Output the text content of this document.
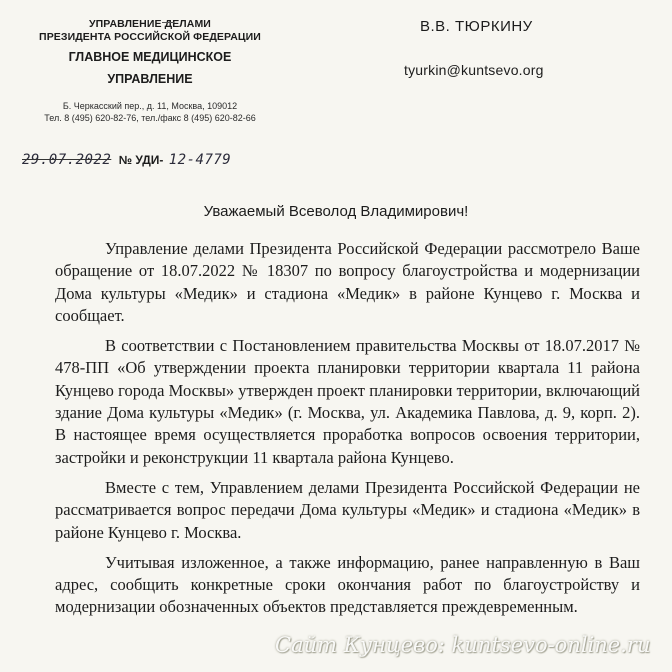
УПРАВЛЕНИЕ ДЕЛАМИ
ПРЕЗИДЕНТА РОССИЙСКОЙ ФЕДЕРАЦИИ
ГЛАВНОЕ МЕДИЦИНСКОЕ
УПРАВЛЕНИЕ
Б. Черкасский пер., д. 11, Москва, 109012
Тел. 8 (495) 620-82-76, тел./факс 8 (495) 620-82-66
29.07.2022 № УДИ- 12-4779
В.В. ТЮРКИНУ
tyurkin@kuntsevo.org
Уважаемый Всеволод Владимирович!

Управление делами Президента Российской Федерации рассмотрело Ваше обращение от 18.07.2022 № 18307 по вопросу благоустройства и модернизации Дома культуры «Медик» и стадиона «Медик» в районе Кунцево г. Москва и сообщает.

В соответствии с Постановлением правительства Москвы от 18.07.2017 № 478-ПП «Об утверждении проекта планировки территории квартала 11 района Кунцево города Москвы» утвержден проект планировки территории, включающий здание Дома культуры «Медик» (г. Москва, ул. Академика Павлова, д. 9, корп. 2). В настоящее время осуществляется проработка вопросов освоения территории, застройки и реконструкции 11 квартала района Кунцево.

Вместе с тем, Управлением делами Президента Российской Федерации не рассматривается вопрос передачи Дома культуры «Медик» и стадиона «Медик» в районе Кунцево г. Москва.

Учитывая изложенное, а также информацию, ранее направленную в Ваш адрес, сообщить конкретные сроки окончания работ по благоустройству и модернизации обозначенных объектов представляется преждевременным.

Сайт Кунцево: kuntsevo-online.ru
